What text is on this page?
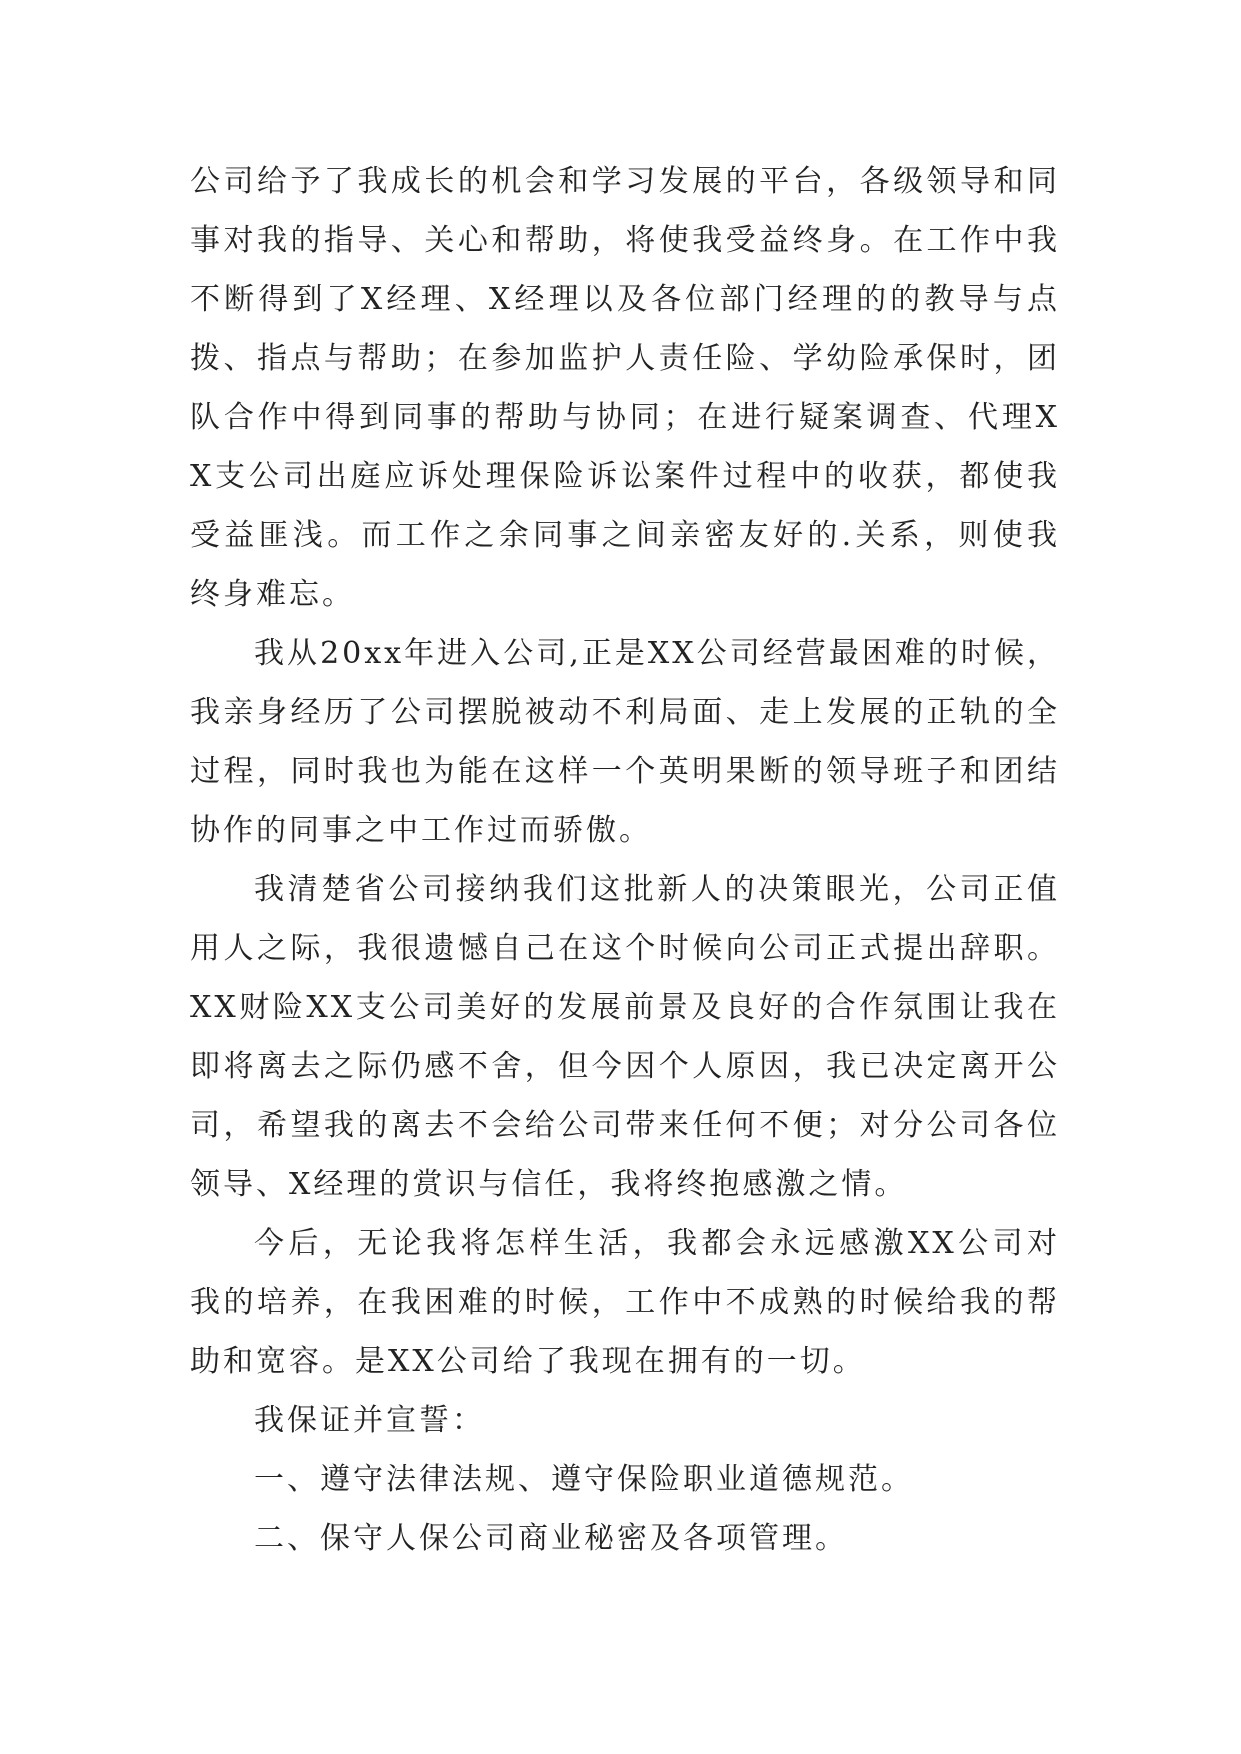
公司给予了我成长的机会和学习发展的平台，各级领导和同事对我的指导、关心和帮助，将使我受益终身。在工作中我不断得到了X经理、X经理以及各位部门经理的的教导与点拨、指点与帮助；在参加监护人责任险、学幼险承保时，团队合作中得到同事的帮助与协同；在进行疑案调查、代理XX支公司出庭应诉处理保险诉讼案件过程中的收获，都使我受益匪浅。而工作之余同事之间亲密友好的.关系，则使我终身难忘。

我从20xx年进入公司,正是XX公司经营最困难的时候，我亲身经历了公司摆脱被动不利局面、走上发展的正轨的全过程，同时我也为能在这样一个英明果断的领导班子和团结协作的同事之中工作过而骄傲。

我清楚省公司接纳我们这批新人的决策眼光，公司正值用人之际，我很遗憾自己在这个时候向公司正式提出辞职。XX财险XX支公司美好的发展前景及良好的合作氛围让我在即将离去之际仍感不舍，但今因个人原因，我已决定离开公司，希望我的离去不会给公司带来任何不便；对分公司各位领导、X经理的赏识与信任，我将终抱感激之情。

今后，无论我将怎样生活，我都会永远感激XX公司对我的培养，在我困难的时候，工作中不成熟的时候给我的帮助和宽容。是XX公司给了我现在拥有的一切。

我保证并宣誓：

一、遵守法律法规、遵守保险职业道德规范。

二、保守人保公司商业秘密及各项管理。
